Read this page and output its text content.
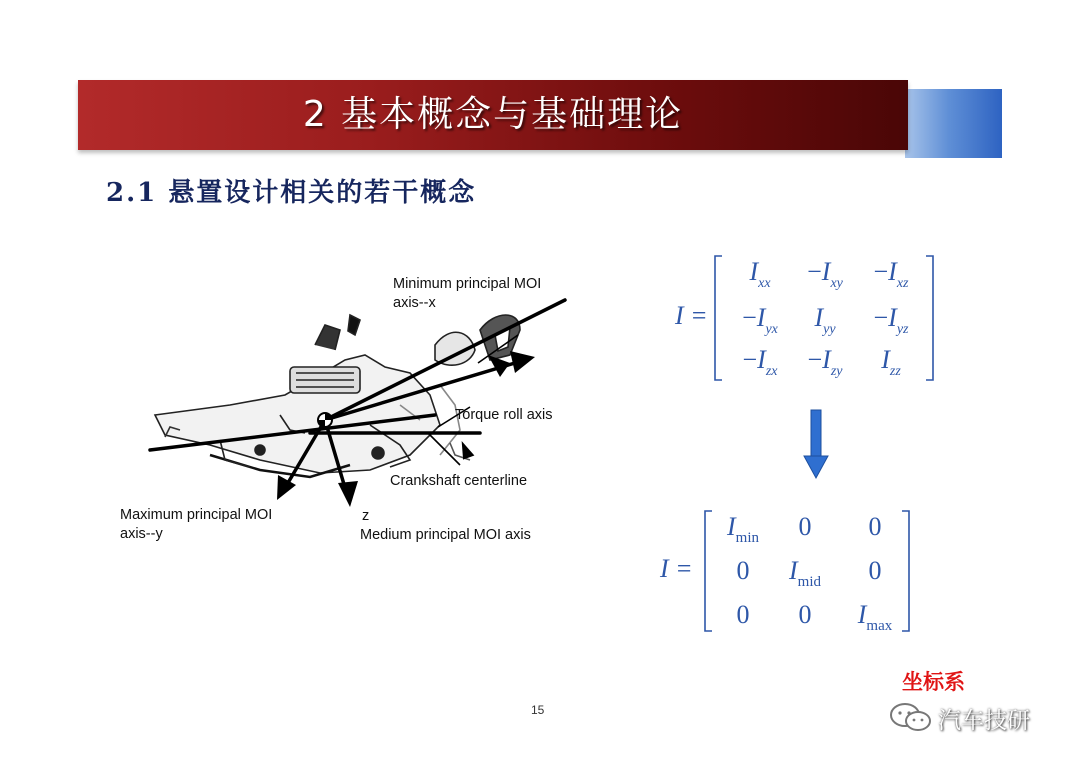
2 基本概念与基础理论
2.1 悬置设计相关的若干概念
Minimum principal MOI
axis--x
Torque roll axis
Crankshaft centerline
Maximum principal MOI
axis--y
z
Medium principal MOI axis
I =
$I_{xx} -I_{xy} -I_{xz}$
$-I_{yx}$ $I_{yy} -I_{yz}$
$-I_{zx} -I_{zy}$ $I_{zz}$
I =
$I_{min}$ 0 0
0 $I_{mid}$ 0
0 0 $I_{max}$
坐标系
15	汽车技研
